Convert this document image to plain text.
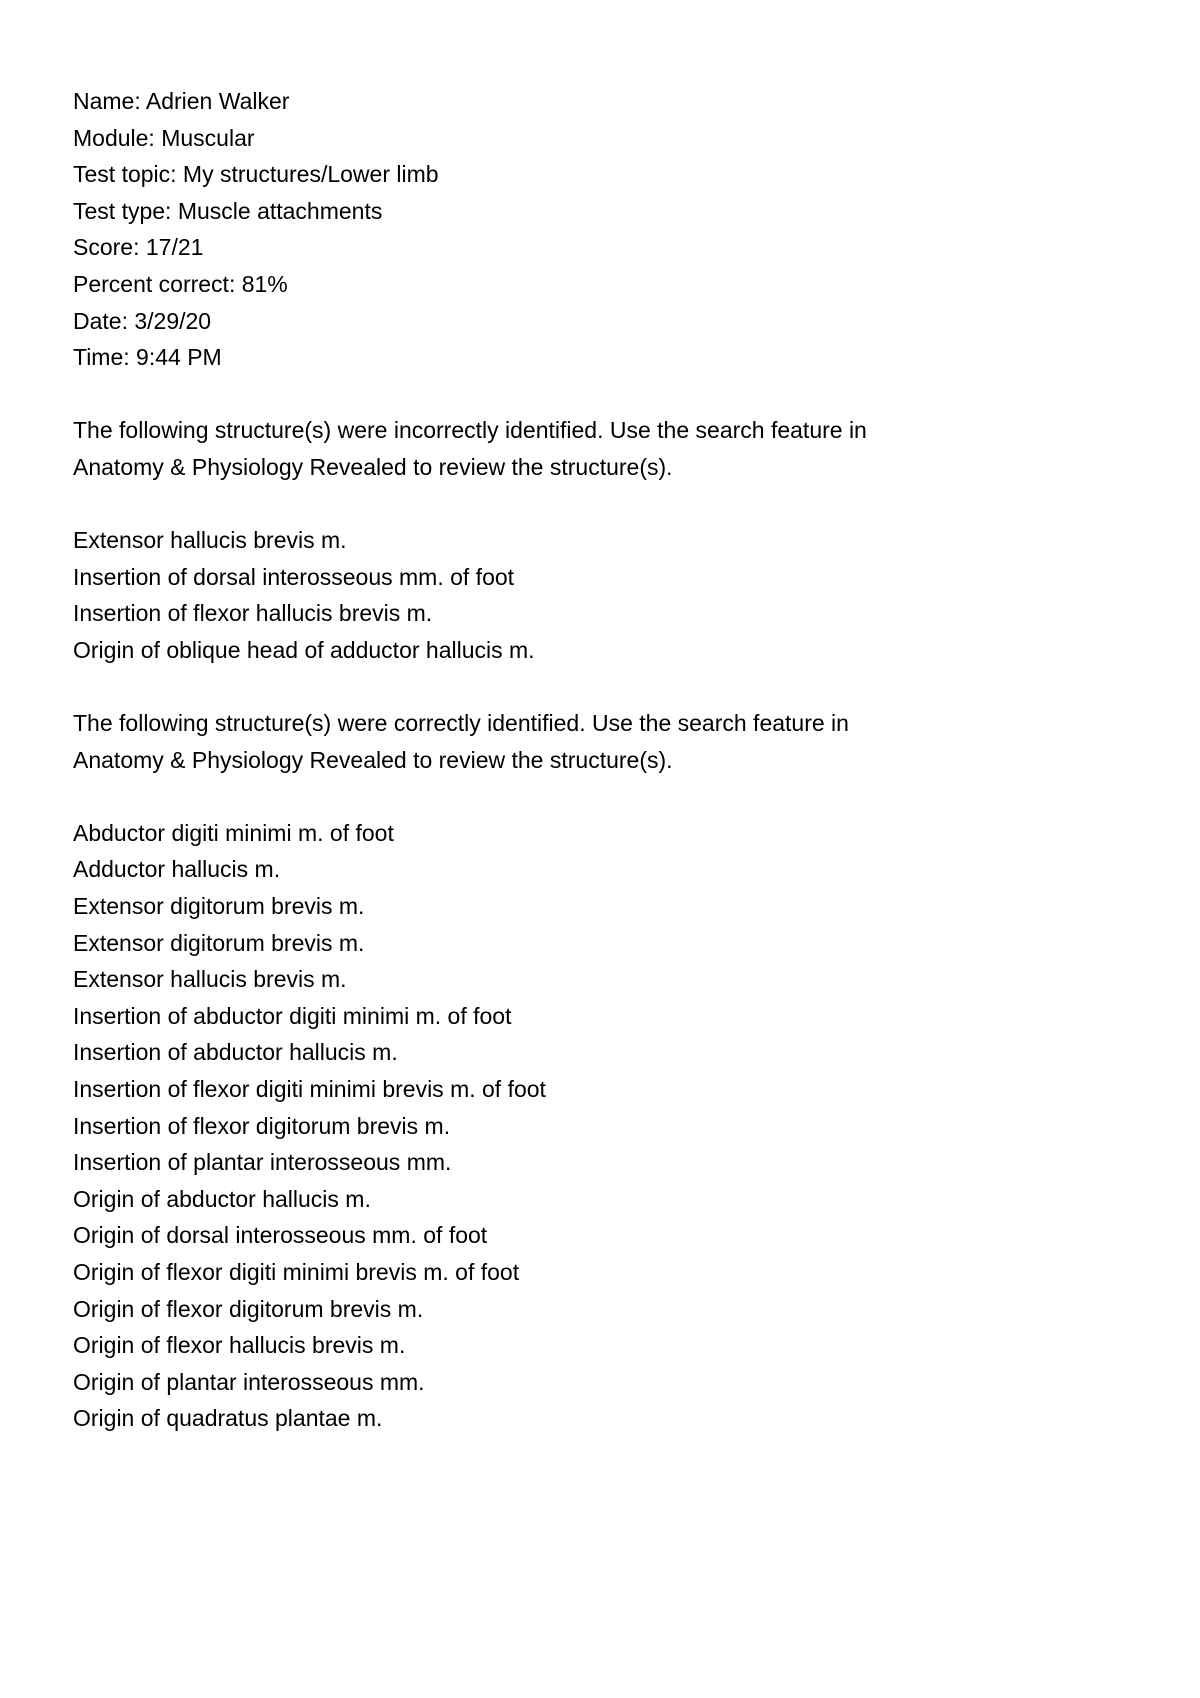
Name: Adrien Walker
Module: Muscular
Test topic: My structures/Lower limb
Test type: Muscle attachments
Score: 17/21
Percent correct: 81%
Date: 3/29/20
Time: 9:44 PM
The following structure(s) were incorrectly identified. Use the search feature in
Anatomy & Physiology Revealed to review the structure(s).
Extensor hallucis brevis m.
Insertion of dorsal interosseous mm. of foot
Insertion of flexor hallucis brevis m.
Origin of oblique head of adductor hallucis m.
The following structure(s) were correctly identified. Use the search feature in
Anatomy & Physiology Revealed to review the structure(s).
Abductor digiti minimi m. of foot
Adductor hallucis m.
Extensor digitorum brevis m.
Extensor digitorum brevis m.
Extensor hallucis brevis m.
Insertion of abductor digiti minimi m. of foot
Insertion of abductor hallucis m.
Insertion of flexor digiti minimi brevis m. of foot
Insertion of flexor digitorum brevis m.
Insertion of plantar interosseous mm.
Origin of abductor hallucis m.
Origin of dorsal interosseous mm. of foot
Origin of flexor digiti minimi brevis m. of foot
Origin of flexor digitorum brevis m.
Origin of flexor hallucis brevis m.
Origin of plantar interosseous mm.
Origin of quadratus plantae m.
